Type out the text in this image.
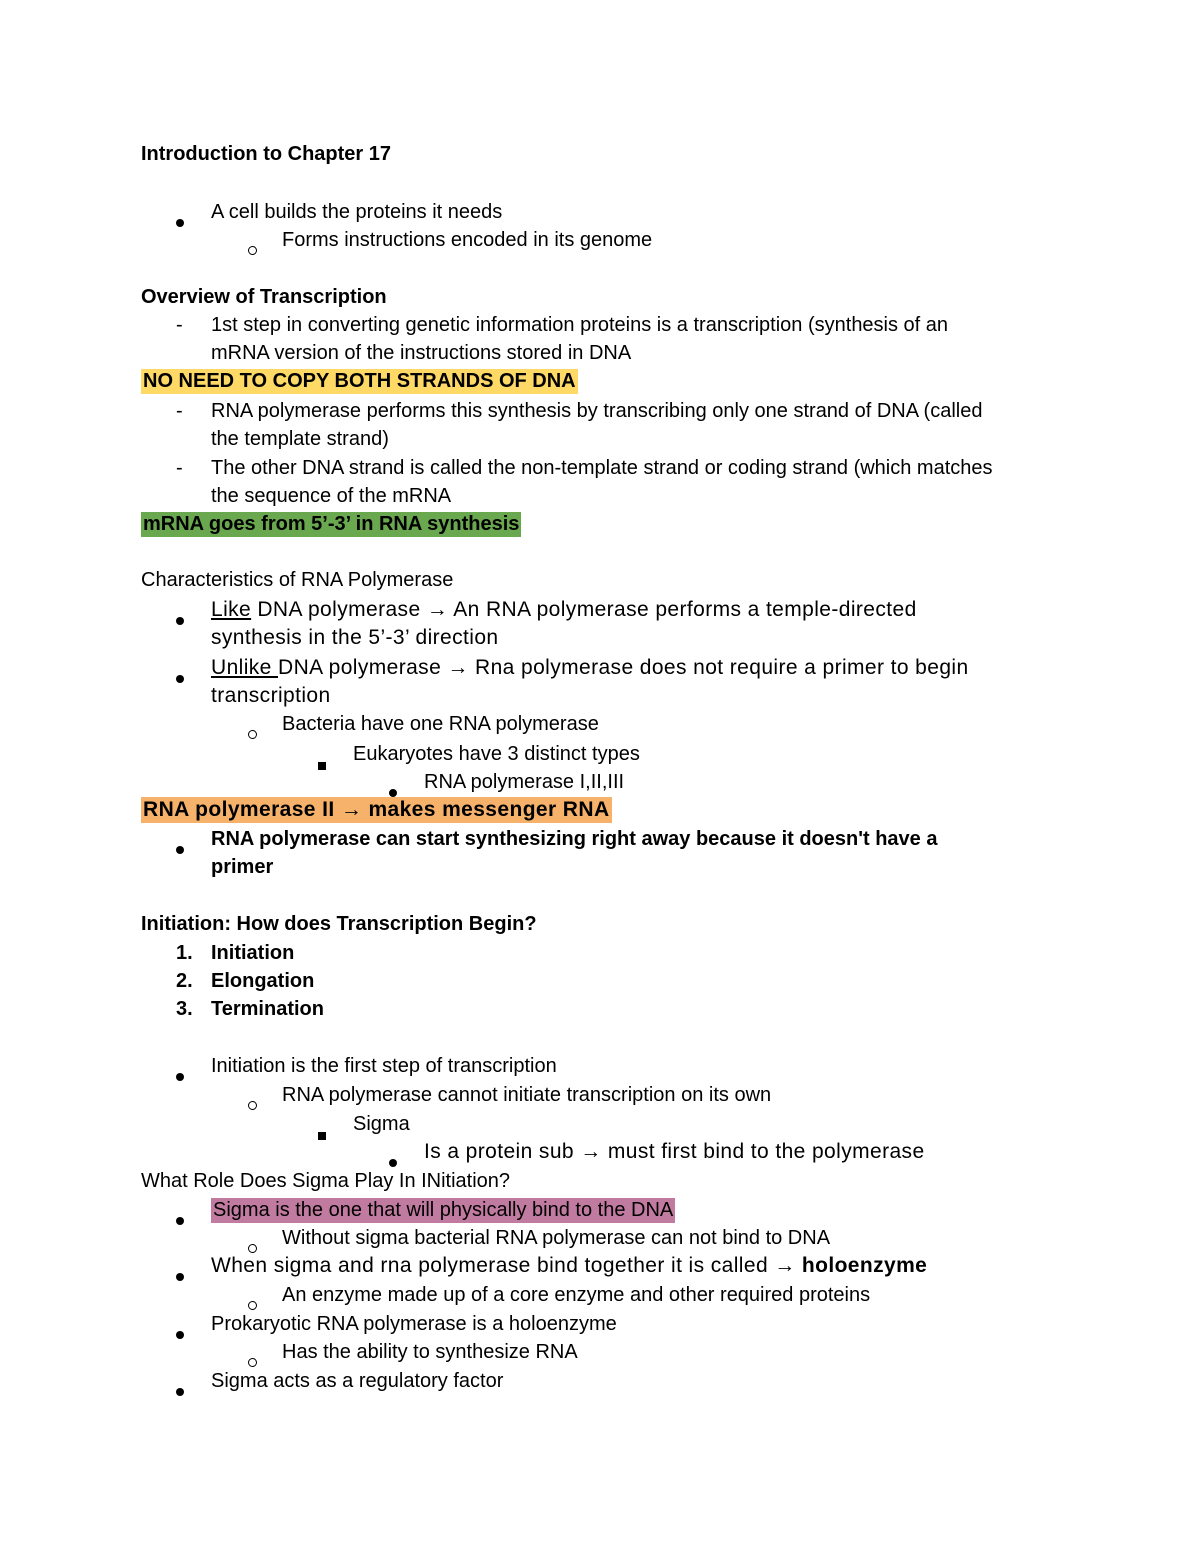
Introduction to Chapter 17
A cell builds the proteins it needs
Forms instructions encoded in its genome
Overview of Transcription
- 1st step in converting genetic information proteins is a transcription (synthesis of an
mRNA version of the instructions stored in DNA
NO NEED TO COPY BOTH STRANDS OF DNA
- RNA polymerase performs this synthesis by transcribing only one strand of DNA (called
the template strand)
- The other DNA strand is called the non-template strand or coding strand (which matches
the sequence of the mRNA
mRNA goes from 5’-3’ in RNA synthesis
Characteristics of RNA Polymerase
Like DNA polymerase → An RNA polymerase performs a temple-directed
synthesis in the 5’-3’ direction
Unlike DNA polymerase → Rna polymerase does not require a primer to begin
transcription
Bacteria have one RNA polymerase
Eukaryotes have 3 distinct types
RNA polymerase I,II,III
RNA polymerase II → makes messenger RNA
RNA polymerase can start synthesizing right away because it doesn't have a
primer
Initiation: How does Transcription Begin?
1. Initiation
2. Elongation
3. Termination
Initiation is the first step of transcription
RNA polymerase cannot initiate transcription on its own
Sigma
Is a protein sub → must first bind to the polymerase
What Role Does Sigma Play In INitiation?
Sigma is the one that will physically bind to the DNA
Without sigma bacterial RNA polymerase can not bind to DNA
When sigma and rna polymerase bind together it is called → holoenzyme
An enzyme made up of a core enzyme and other required proteins
Prokaryotic RNA polymerase is a holoenzyme
Has the ability to synthesize RNA
Sigma acts as a regulatory factor
